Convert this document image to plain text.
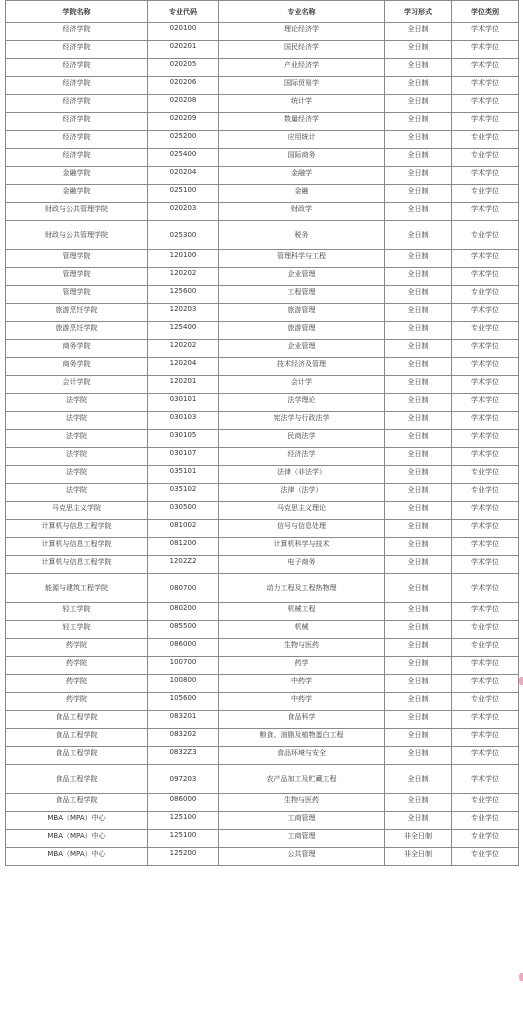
学院名称	专业代码	专业名称	学习形式	学位类别
经济学院	020100	理论经济学	全日制	学术学位
经济学院	020201	国民经济学	全日制	学术学位
经济学院	020205	产业经济学	全日制	学术学位
经济学院	020206	国际贸易学	全日制	学术学位
经济学院	020208	统计学	全日制	学术学位
经济学院	020209	数量经济学	全日制	学术学位
经济学院	025200	应用统计	全日制	专业学位
经济学院	025400	国际商务	全日制	专业学位
金融学院	020204	金融学	全日制	学术学位
金融学院	025100	金融	全日制	专业学位
财政与公共管理学院	020203	财政学	全日制	学术学位
财政与公共管理学院	025300	税务	全日制	专业学位
管理学院	120100	管理科学与工程	全日制	学术学位
管理学院	120202	企业管理	全日制	学术学位
管理学院	125600	工程管理	全日制	专业学位
旅游烹饪学院	120203	旅游管理	全日制	学术学位
旅游烹饪学院	125400	旅游管理	全日制	专业学位
商务学院	120202	企业管理	全日制	学术学位
商务学院	120204	技术经济及管理	全日制	学术学位
会计学院	120201	会计学	全日制	学术学位
法学院	030101	法学理论	全日制	学术学位
法学院	030103	宪法学与行政法学	全日制	学术学位
法学院	030105	民商法学	全日制	学术学位
法学院	030107	经济法学	全日制	学术学位
法学院	035101	法律（非法学）	全日制	专业学位
法学院	035102	法律（法学）	全日制	专业学位
马克思主义学院	030500	马克思主义理论	全日制	学术学位
计算机与信息工程学院	081002	信号与信息处理	全日制	学术学位
计算机与信息工程学院	081200	计算机科学与技术	全日制	学术学位
计算机与信息工程学院	1202Z2	电子商务	全日制	学术学位
能源与建筑工程学院	080700	动力工程及工程热物理	全日制	学术学位
轻工学院	080200	机械工程	全日制	学术学位
轻工学院	085500	机械	全日制	专业学位
药学院	086000	生物与医药	全日制	专业学位
药学院	100700	药学	全日制	学术学位
药学院	100800	中药学	全日制	学术学位
药学院	105600	中药学	全日制	专业学位
食品工程学院	083201	食品科学	全日制	学术学位
食品工程学院	083202	粮食、油脂及植物蛋白工程	全日制	学术学位
食品工程学院	0832Z3	食品环境与安全	全日制	学术学位
食品工程学院	097203	农产品加工及贮藏工程	全日制	学术学位
食品工程学院	086000	生物与医药	全日制	专业学位
MBA（MPA）中心	125100	工商管理	全日制	专业学位
MBA（MPA）中心	125100	工商管理	非全日制	专业学位
MBA（MPA）中心	125200	公共管理	非全日制	专业学位
